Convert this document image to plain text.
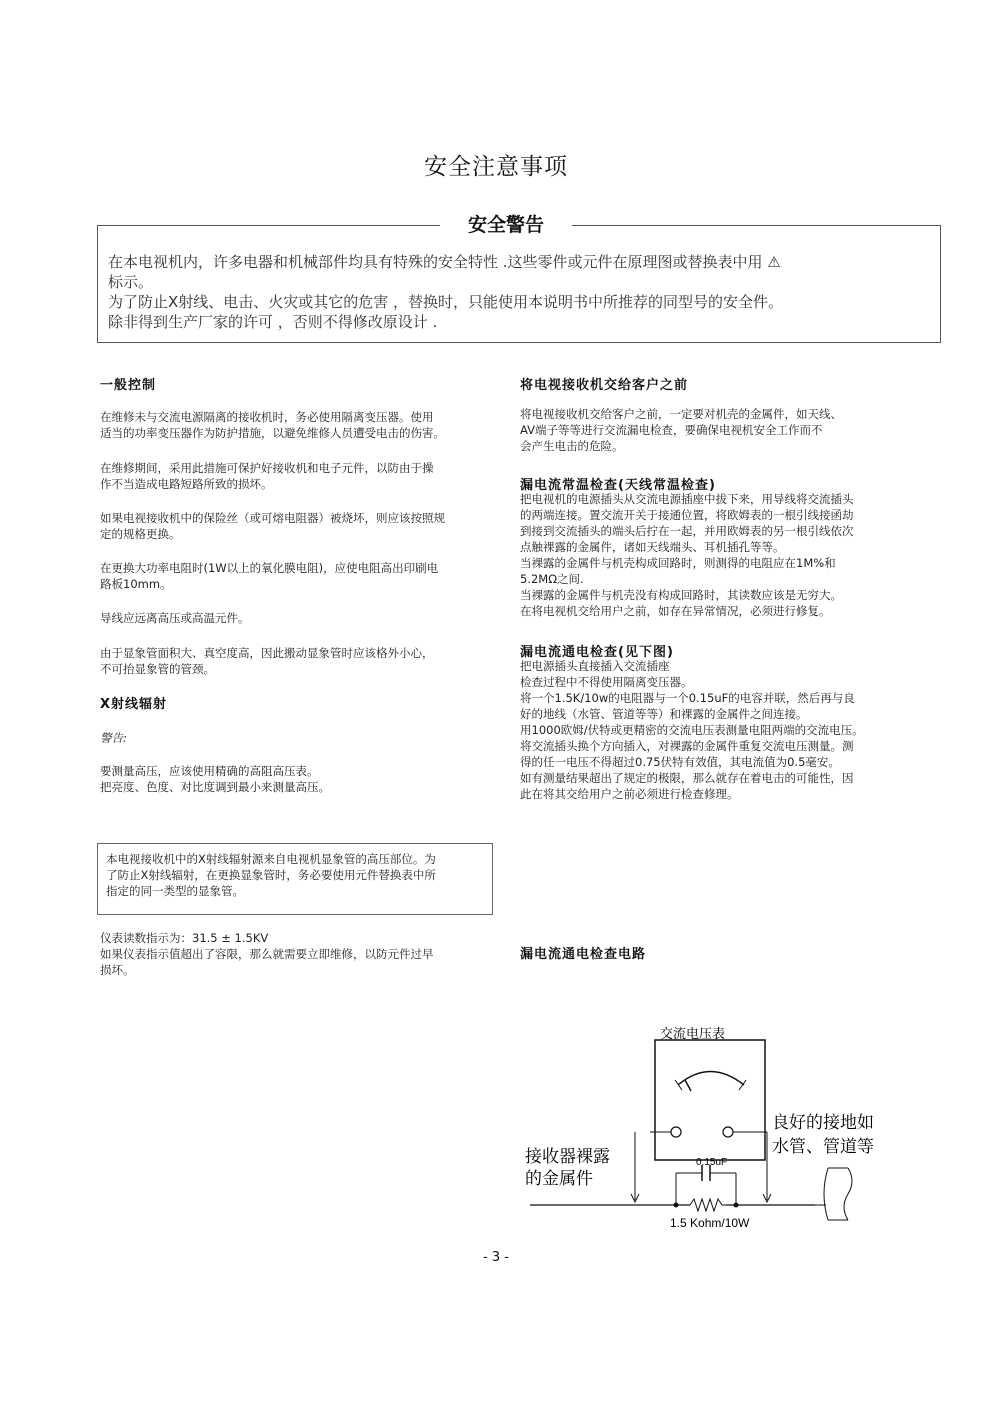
安全注意事项
在本电视机内，许多电器和机械部件均具有特殊的安全特性 .这些零件或元件在原理图或替换表中用 ⚠
标示。
为了防止X射线、电击、火灾或其它的危害 ，替换时，只能使用本说明书中所推荐的同型号的安全件。
除非得到生产厂家的许可 ，否则不得修改原设计 .
安全警告
一般控制
在维修未与交流电源隔离的接收机时，务必使用隔离变压器。使用
适当的功率变压器作为防护措施，以避免维修人员遭受电击的伤害。
在维修期间，采用此措施可保护好接收机和电子元件，以防由于操
作不当造成电路短路所致的损坏。
如果电视接收机中的保险丝（或可熔电阻器）被烧坏，则应该按照规
定的规格更换。
在更换大功率电阻时(1W以上的氧化膜电阻)，应使电阻高出印刷电
路板10mm。
导线应远离高压或高温元件。
由于显象管面积大、真空度高，因此搬动显象管时应该格外小心，
不可抬显象管的管颈。
X射线辐射
警告:
要测量高压，应该使用精确的高阻高压表。
把亮度、色度、对比度调到最小来测量高压。
本电视接收机中的X射线辐射源来自电视机显象管的高压部位。为
了防止X射线辐射，在更换显象管时，务必要使用元件替换表中所
指定的同一类型的显象管。
仪表读数指示为：31.5 ± 1.5KV
如果仪表指示值超出了容限，那么就需要立即维修，以防元件过早
损坏。
将电视接收机交给客户之前
将电视接收机交给客户之前，一定要对机壳的金属件，如天线、
AV端子等等进行交流漏电检查，要确保电视机安全工作而不
会产生电击的危险。
漏电流常温检查(天线常温检查)
把电视机的电源插头从交流电源插座中拔下来，用导线将交流插头
的两端连接。置交流开关于接通位置，将欧姆表的一根引线接函劫
到接到交流插头的端头后拧在一起，并用欧姆表的另一根引线依次
点触裸露的金属件，诸如天线端头、耳机插孔等等。
当裸露的金属件与机壳构成回路时，则测得的电阻应在1M%和
5.2MΩ之间.
当裸露的金属件与机壳没有构成回路时，其读数应该是无穷大。
在将电视机交给用户之前，如存在异常情况，必须进行修复。
漏电流通电检查(见下图)
把电源插头直接插入交流插座
检查过程中不得使用隔离变压器。
将一个1.5K/10w的电阻器与一个0.15uF的电容并联，然后再与良
好的地线（水管、管道等等）和裸露的金属件之间连接。
用1000欧姆/伏特或更精密的交流电压表测量电阻两端的交流电压。
将交流插头换个方向插入，对裸露的金属件重复交流电压测量。测
得的任一电压不得超过0.75伏特有效值，其电流值为0.5毫安。
如有测量结果超出了规定的极限，那么就存在着电击的可能性，因
此在将其交给用户之前必须进行检查修理。
漏电流通电检查电路
交流电压表
0.15uF
1.5 Kohm/10W
接收器裸露
的金属件
良好的接地如
水管、管道等
- 3 -
